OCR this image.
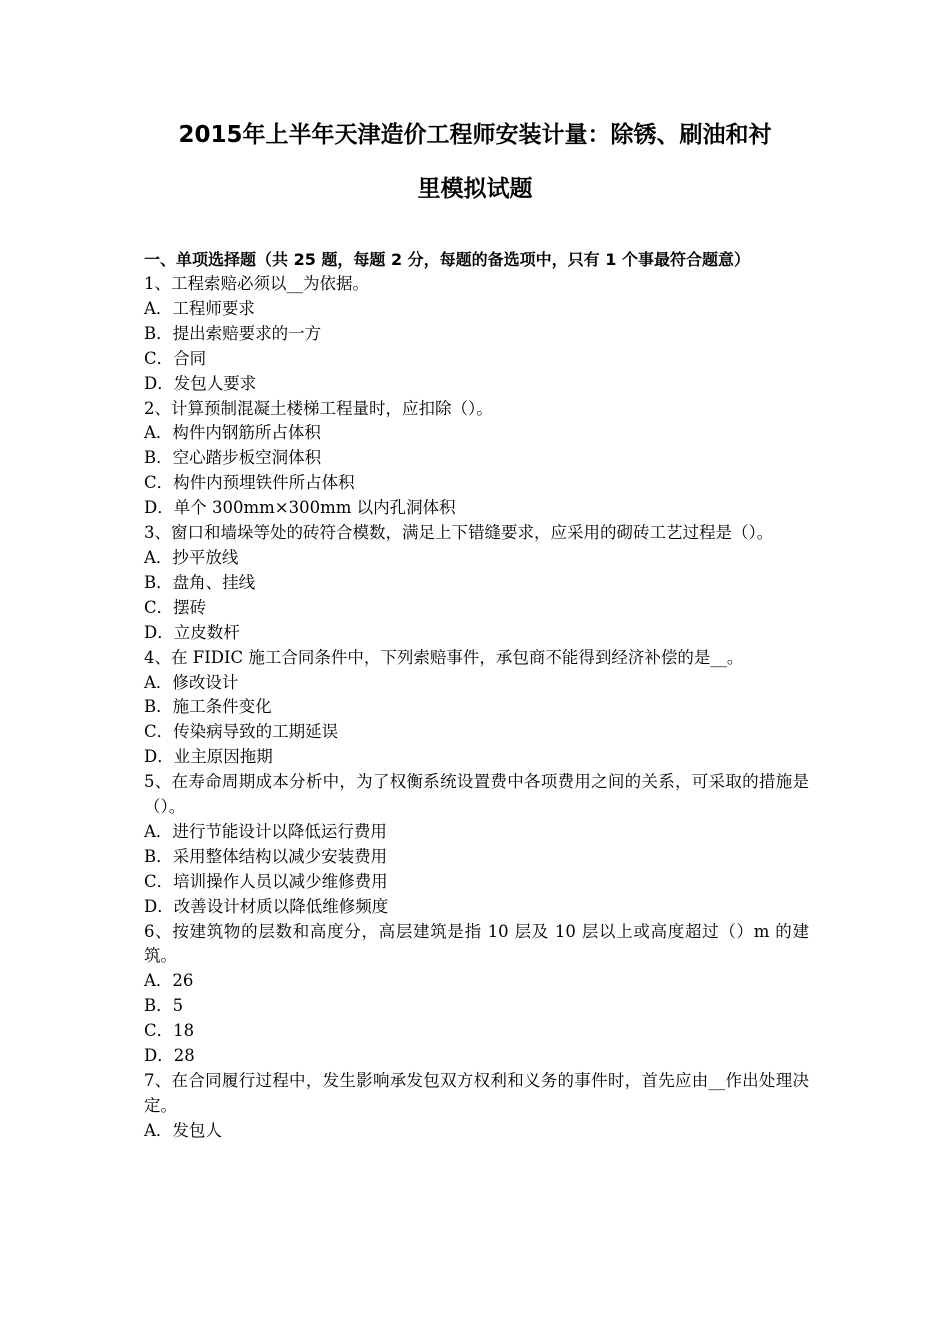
2015年上半年天津造价工程师安装计量：除锈、刷油和衬
里模拟试题

一、单项选择题（共 25 题，每题 2 分，每题的备选项中，只有 1 个事最符合题意）

1、工程索赔必须以__为依据。

A．工程师要求

B．提出索赔要求的一方

C．合同

D．发包人要求

2、计算预制混凝土楼梯工程量时，应扣除（）。

A．构件内钢筋所占体积

B．空心踏步板空洞体积

C．构件内预埋铁件所占体积

D．单个 300mm×300mm 以内孔洞体积

3、窗口和墙垛等处的砖符合模数，满足上下错缝要求，应采用的砌砖工艺过程是（）。

A．抄平放线

B．盘角、挂线

C．摆砖

D．立皮数杆

4、在 FIDIC 施工合同条件中，下列索赔事件，承包商不能得到经济补偿的是__。

A．修改设计

B．施工条件变化

C．传染病导致的工期延误

D．业主原因拖期

5、在寿命周期成本分析中，为了权衡系统设置费中各项费用之间的关系，可采取的措施是（）。

A．进行节能设计以降低运行费用

B．采用整体结构以减少安装费用

C．培训操作人员以减少维修费用

D．改善设计材质以降低维修频度

6、按建筑物的层数和高度分，高层建筑是指 10 层及 10 层以上或高度超过（）m 的建筑。

A．26

B．5

C．18

D．28

7、在合同履行过程中，发生影响承发包双方权利和义务的事件时，首先应由__作出处理决定。

A．发包人
